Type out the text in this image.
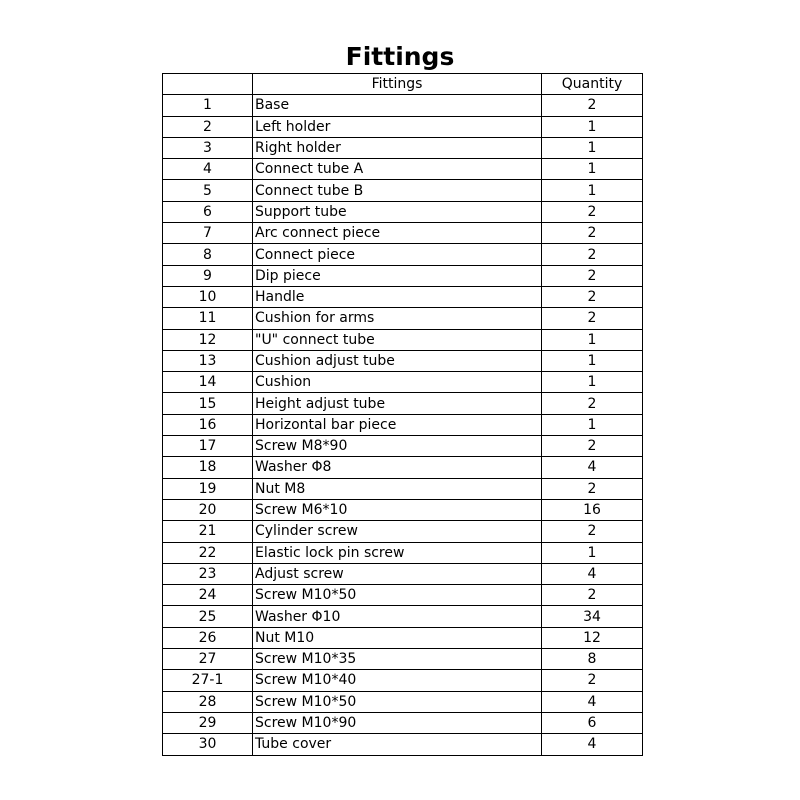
Fittings
	Fittings	Quantity
1	Base	2
2	Left holder	1
3	Right holder	1
4	Connect tube A	1
5	Connect tube B	1
6	Support tube	2
7	Arc connect piece	2
8	Connect piece	2
9	Dip piece	2
10	Handle	2
11	Cushion for arms	2
12	"U" connect tube	1
13	Cushion adjust tube	1
14	Cushion	1
15	Height adjust tube	2
16	Horizontal bar piece	1
17	Screw M8*90	2
18	Washer Φ8	4
19	Nut M8	2
20	Screw M6*10	16
21	Cylinder screw	2
22	Elastic lock pin screw	1
23	Adjust screw	4
24	Screw M10*50	2
25	Washer Φ10	34
26	Nut M10	12
27	Screw M10*35	8
27-1	Screw M10*40	2
28	Screw M10*50	4
29	Screw M10*90	6
30	Tube cover	4
